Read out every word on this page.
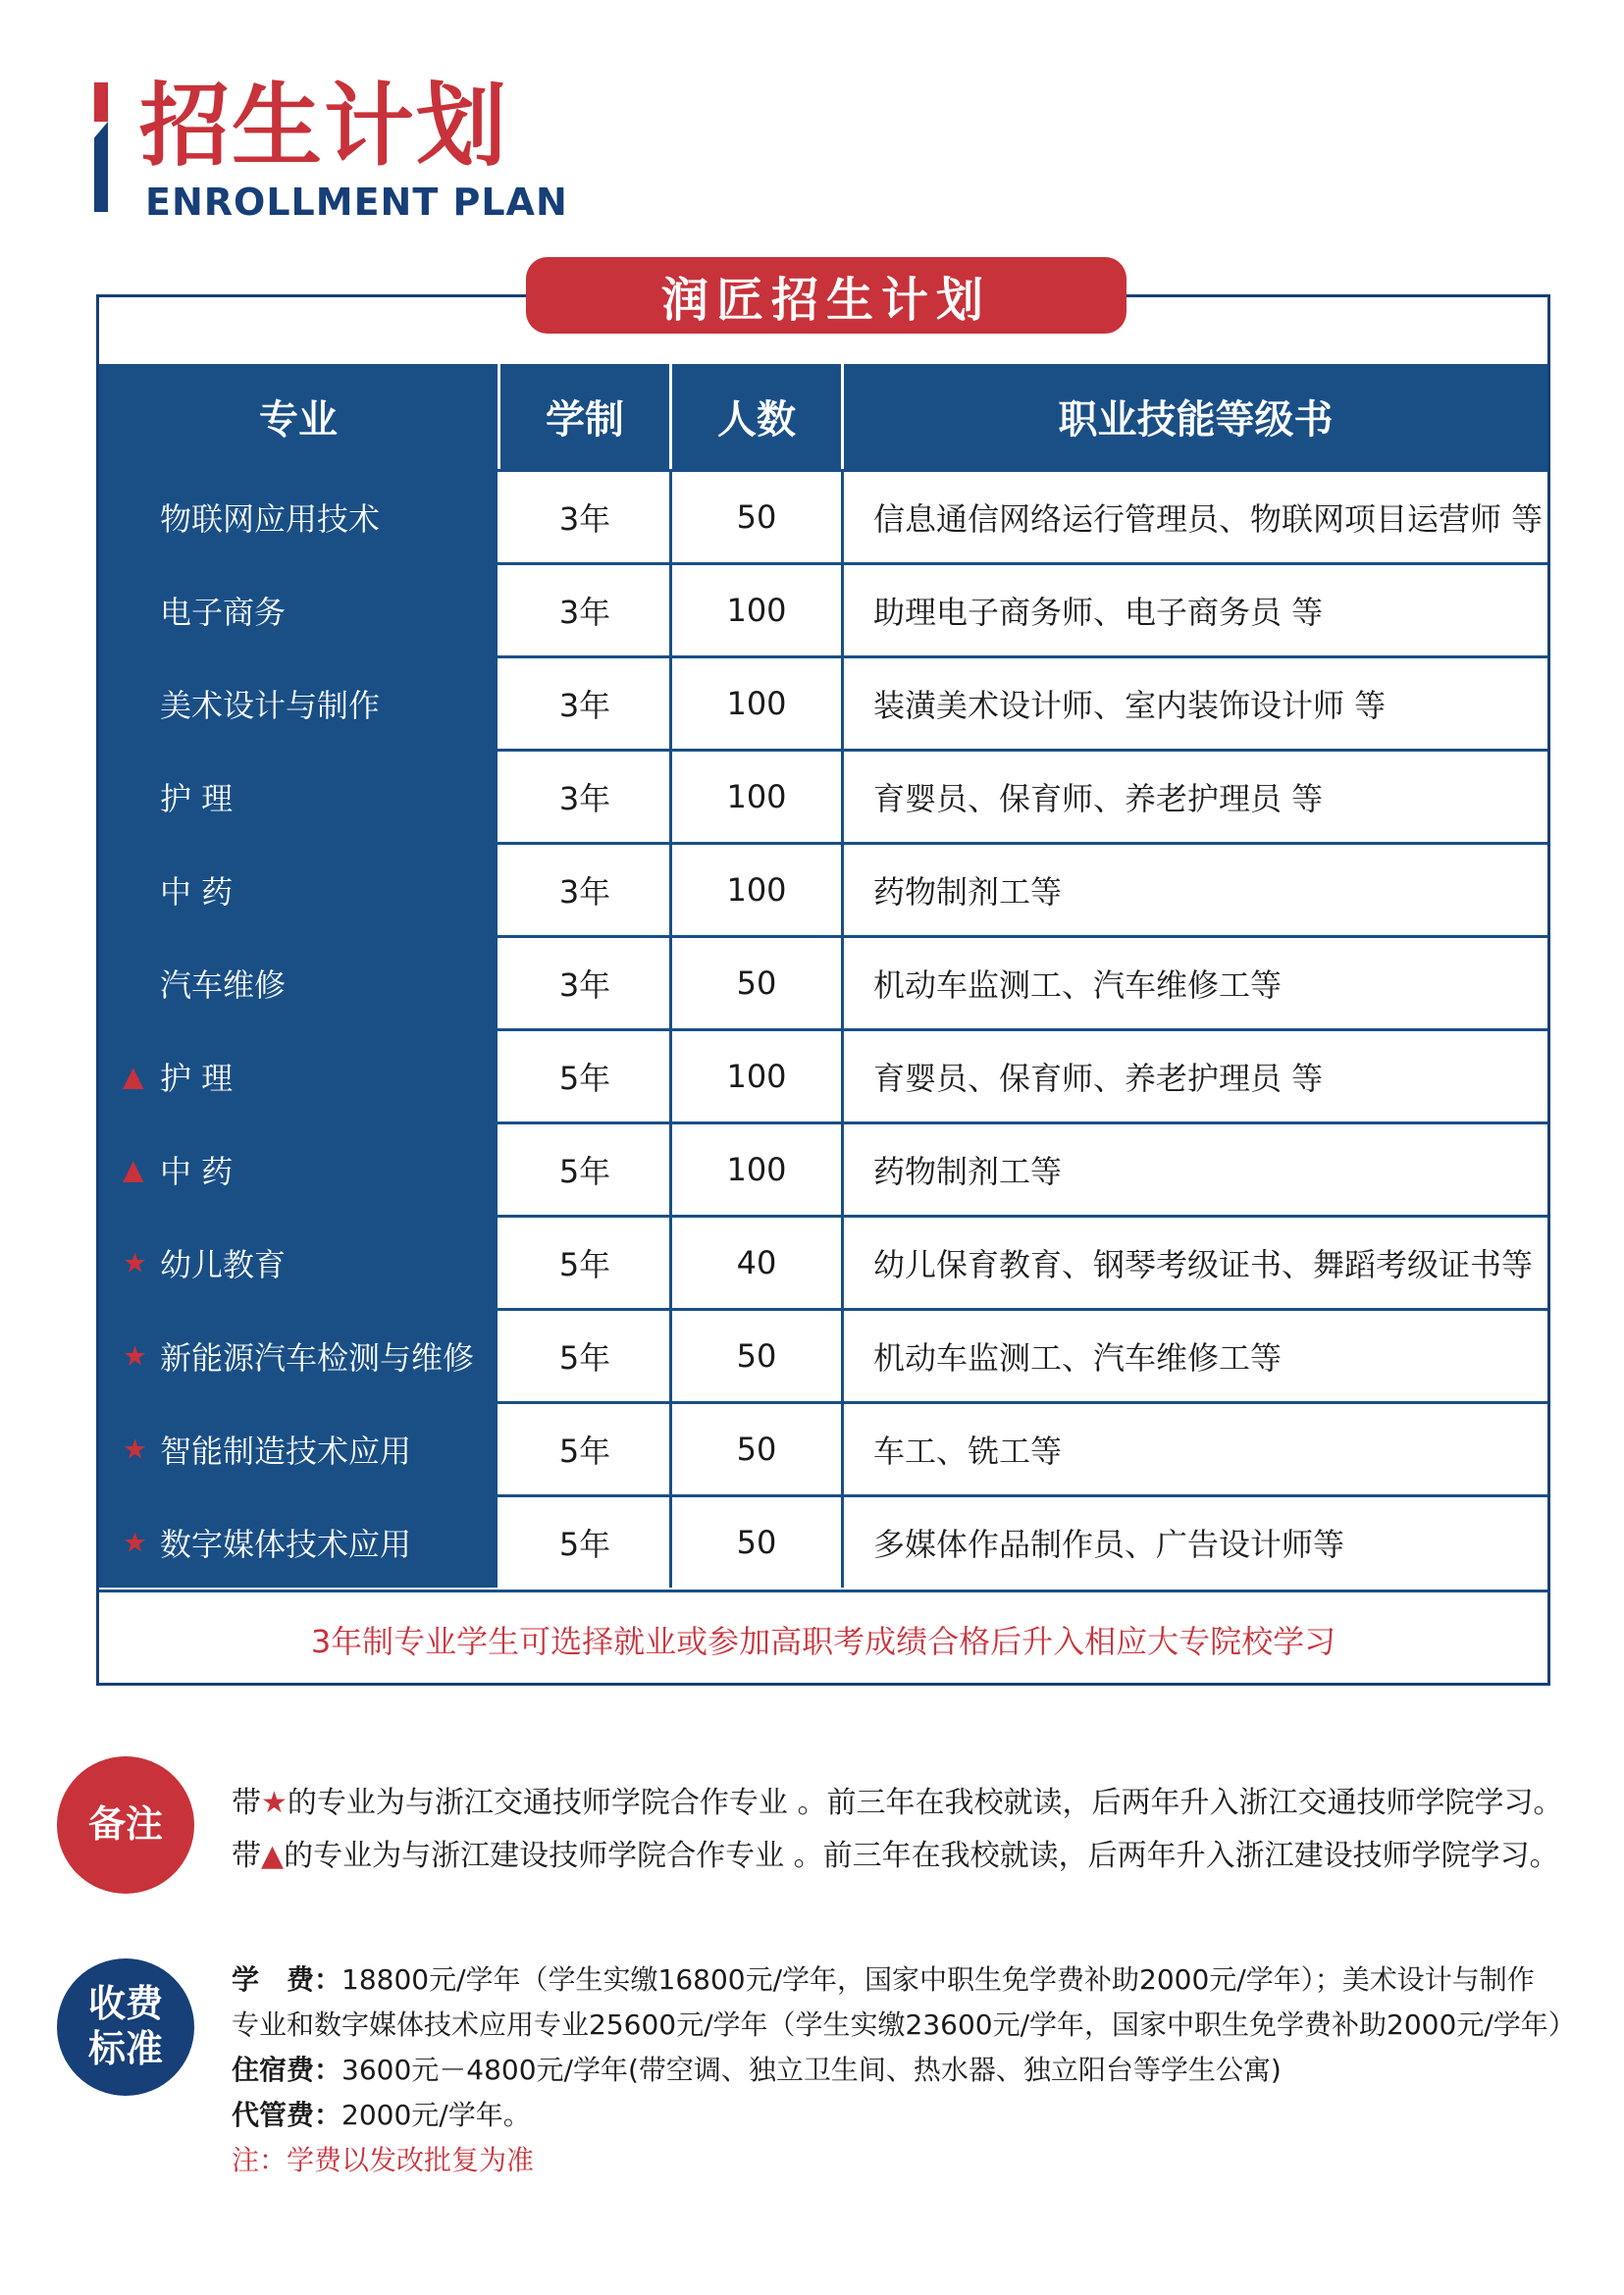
招生计划
ENROLLMENT PLAN
润匠招生计划
专业	学制	人数	职业技能等级书
物联网应用技术	3年	50	信息通信网络运行管理员、物联网项目运营师 等
电子商务	3年	100	助理电子商务师、电子商务员 等
美术设计与制作	3年	100	装潢美术设计师、室内装饰设计师 等
护 理	3年	100	育婴员、保育师、养老护理员 等
中 药	3年	100	药物制剂工等
汽车维修	3年	50	机动车监测工、汽车维修工等
▲ 护 理	5年	100	育婴员、保育师、养老护理员 等
▲ 中 药	5年	100	药物制剂工等
★ 幼儿教育	5年	40	幼儿保育教育、钢琴考级证书、舞蹈考级证书等
★ 新能源汽车检测与维修	5年	50	机动车监测工、汽车维修工等
★ 智能制造技术应用	5年	50	车工、铣工等
★ 数字媒体技术应用	5年	50	多媒体作品制作员、广告设计师等
3年制专业学生可选择就业或参加高职考成绩合格后升入相应大专院校学习
备注	带★的专业为与浙江交通技师学院合作专业 。前三年在我校就读，后两年升入浙江交通技师学院学习。
带▲的专业为与浙江建设技师学院合作专业 。前三年在我校就读，后两年升入浙江建设技师学院学习。
收费
标准
学　费：18800元/学年（学生实缴16800元/学年，国家中职生免学费补助2000元/学年）；美术设计与制作
专业和数字媒体技术应用专业25600元/学年（学生实缴23600元/学年，国家中职生免学费补助2000元/学年）
住宿费：3600元－4800元/学年(带空调、独立卫生间、热水器、独立阳台等学生公寓)
代管费：2000元/学年。
注：学费以发改批复为准
